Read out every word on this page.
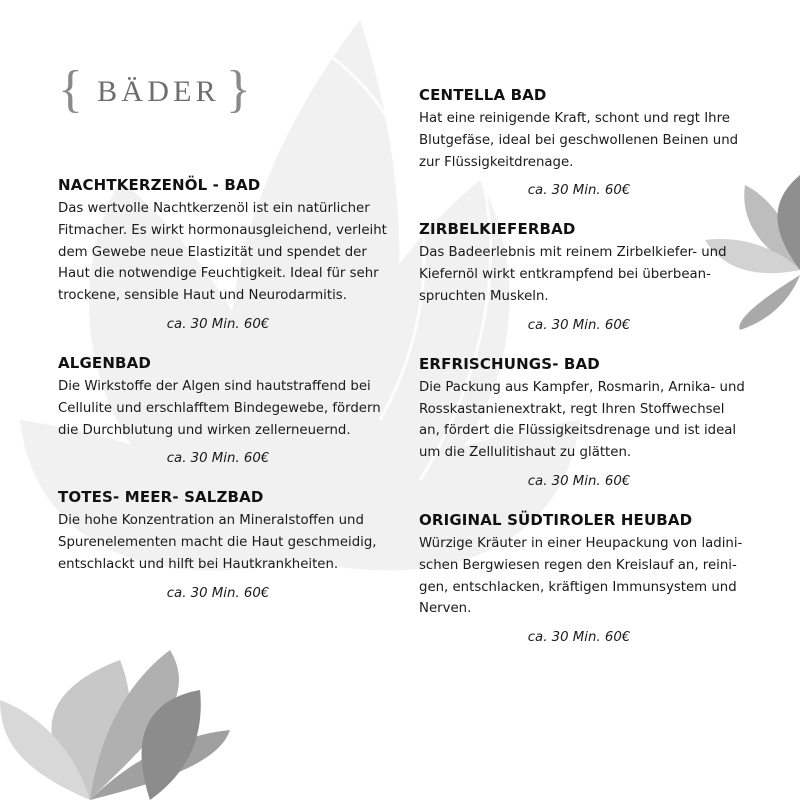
{ BÄDER }
NACHTKERZENÖL - BAD

Das wertvolle Nachtkerzenöl ist ein natürlicher Fitmacher. Es wirkt hormonausgleichend, verleiht dem Gewebe neue Elastizität und spendet der Haut die notwendige Feuchtigkeit. Ideal für sehr trockene, sensible Haut und Neurodarmitis.

ca. 30 Min. 60€
ALGENBAD

Die Wirkstoffe der Algen sind hautstraffend bei Cellulite und erschlafftem Bindegewebe, fördern die Durchblutung und wirken zellerneuernd.

ca. 30 Min. 60€
TOTES- MEER- SALZBAD

Die hohe Konzentration an Mineralstoffen und Spurenelementen macht die Haut geschmeidig, entschlackt und hilft bei Hautkrankheiten.

ca. 30 Min. 60€
CENTELLA BAD

Hat eine reinigende Kraft, schont und regt Ihre Blutgefäse, ideal bei geschwollenen Beinen und zur Flüssigkeitdrenage.

ca. 30 Min. 60€
ZIRBELKIEFERBAD

Das Badeerlebnis mit reinem Zirbelkiefer- und Kiefernöl wirkt entkrampfend bei überbean- spruchten Muskeln.

ca. 30 Min. 60€
ERFRISCHUNGS- BAD

Die Packung aus Kampfer, Rosmarin, Arnika- und Rosskastanienextrakt, regt Ihren Stoffwechsel an, fördert die Flüssigkeitsdrenage und ist ideal um die Zellulitishaut zu glätten.

ca. 30 Min. 60€
ORIGINAL SÜDTIROLER HEUBAD

Würzige Kräuter in einer Heupackung von ladini- schen Bergwiesen regen den Kreislauf an, reini- gen, entschlacken, kräftigen Immunsystem und Nerven.

ca. 30 Min. 60€
